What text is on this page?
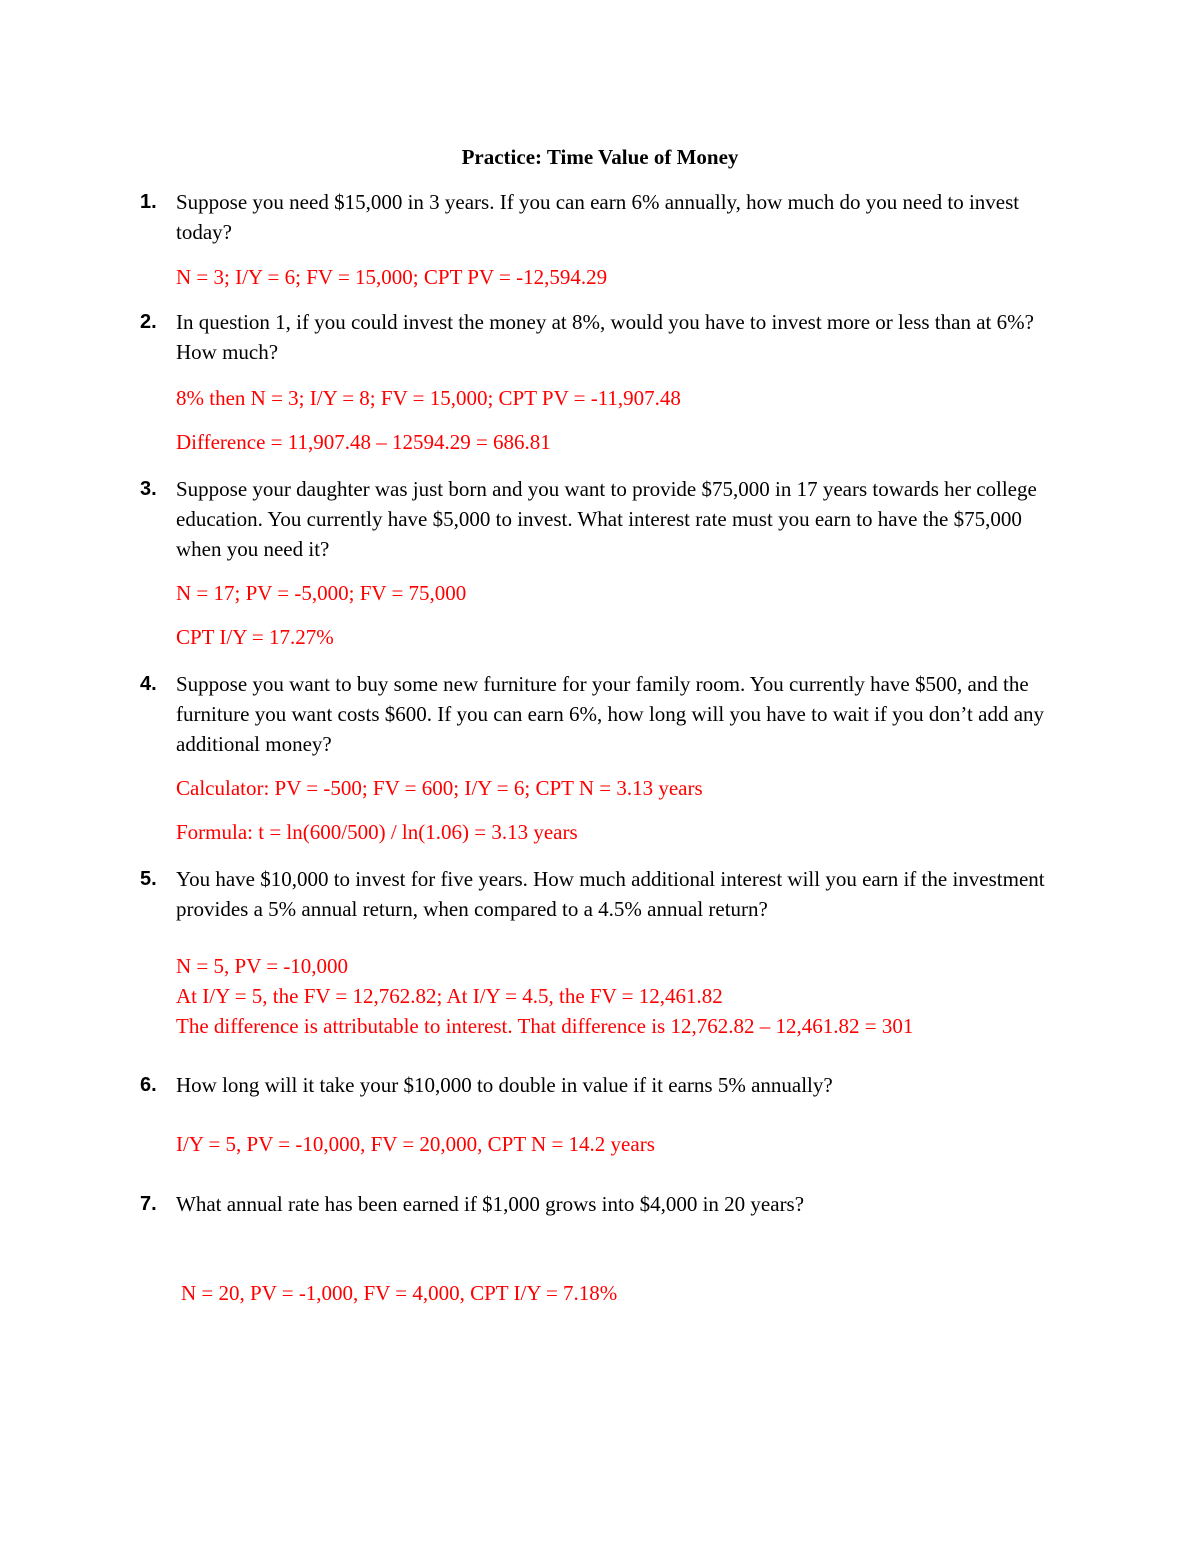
Practice: Time Value of Money
1. Suppose you need $15,000 in 3 years. If you can earn 6% annually, how much do you need to invest today?
N = 3; I/Y = 6; FV = 15,000; CPT PV = -12,594.29
2. In question 1, if you could invest the money at 8%, would you have to invest more or less than at 6%? How much?
8% then N = 3; I/Y = 8; FV = 15,000; CPT PV = -11,907.48
Difference = 11,907.48 – 12594.29 = 686.81
3. Suppose your daughter was just born and you want to provide $75,000 in 17 years towards her college education. You currently have $5,000 to invest. What interest rate must you earn to have the $75,000 when you need it?
N = 17; PV = -5,000; FV = 75,000
CPT I/Y = 17.27%
4. Suppose you want to buy some new furniture for your family room. You currently have $500, and the furniture you want costs $600. If you can earn 6%, how long will you have to wait if you don’t add any additional money?
Calculator: PV = -500; FV = 600; I/Y = 6; CPT N = 3.13 years
Formula: t = ln(600/500) / ln(1.06) = 3.13 years
5. You have $10,000 to invest for five years. How much additional interest will you earn if the investment provides a 5% annual return, when compared to a 4.5% annual return?
N = 5, PV = -10,000
At I/Y = 5, the FV = 12,762.82; At I/Y = 4.5, the FV = 12,461.82
The difference is attributable to interest. That difference is 12,762.82 – 12,461.82 = 301
6. How long will it take your $10,000 to double in value if it earns 5% annually?
I/Y = 5, PV = -10,000, FV = 20,000, CPT N = 14.2 years
7. What annual rate has been earned if $1,000 grows into $4,000 in 20 years?
N = 20, PV = -1,000, FV = 4,000, CPT I/Y = 7.18%
